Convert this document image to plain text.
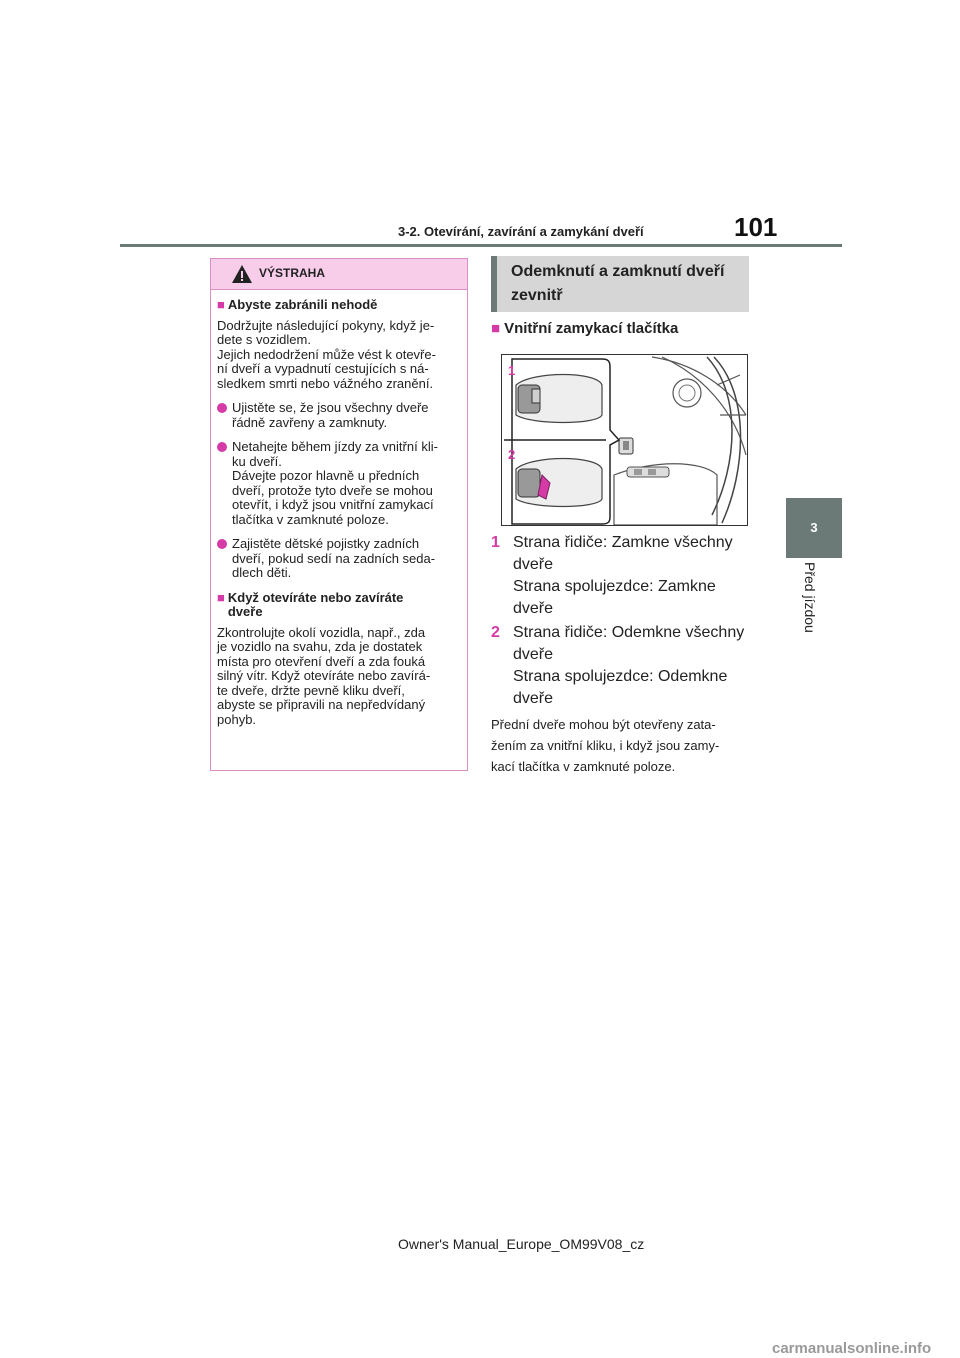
3-2. Otevírání, zavírání a zamykání dveří	101
3
Před jízdou
VÝSTRAHA
■ Abyste zabránili nehodě
Dodržujte následující pokyny, když je-
dete s vozidlem.
Jejich nedodržení může vést k otevře-
ní dveří a vypadnutí cestujících s ná-
sledkem smrti nebo vážného zranění.
Ujistěte se, že jsou všechny dveře
řádně zavřeny a zamknuty.
Netahejte během jízdy za vnitřní kli-
ku dveří.
Dávejte pozor hlavně u předních
dveří, protože tyto dveře se mohou
otevřít, i když jsou vnitřní zamykací
tlačítka v zamknuté poloze.
Zajistěte dětské pojistky zadních
dveří, pokud sedí na zadních seda-
dlech děti.
■ Když otevíráte nebo zavíráte
dveře
Zkontrolujte okolí vozidla, např., zda
je vozidlo na svahu, zda je dostatek
místa pro otevření dveří a zda fouká
silný vítr. Když otevíráte nebo zavírá-
te dveře, držte pevně kliku dveří,
abyste se připravili na nepředvídaný
pohyb.
Odemknutí a zamknutí dveří
zevnitř
■ Vnitřní zamykací tlačítka
1
2
1 Strana řidiče: Zamkne všechny
dveře
Strana spolujezdce: Zamkne
dveře
2 Strana řidiče: Odemkne všechny
dveře
Strana spolujezdce: Odemkne
dveře
Přední dveře mohou být otevřeny zata-
žením za vnitřní kliku, i když jsou zamy-
kací tlačítka v zamknuté poloze.
Owner's Manual_Europe_OM99V08_cz
carmanualsonline.info
